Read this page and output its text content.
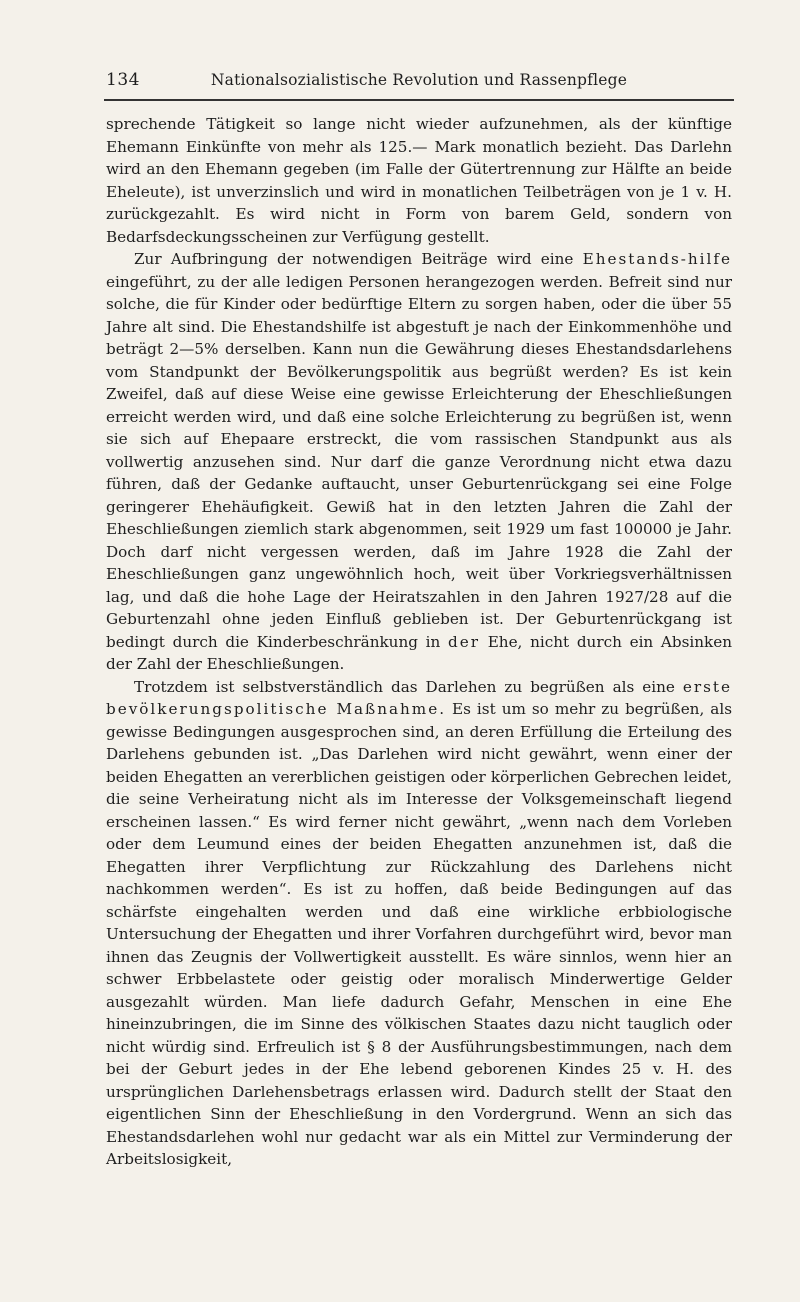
134	Nationalsozialistische Revolution und Rassenpflege

sprechende Tätigkeit so lange nicht wieder aufzunehmen, als der künftige Ehemann Einkünfte von mehr als 125.— Mark monatlich bezieht. Das Darlehn wird an den Ehemann gegeben (im Falle der Gütertrennung zur Hälfte an beide Eheleute), ist unverzinslich und wird in monatlichen Teilbeträgen von je 1 v. H. zurückgezahlt. Es wird nicht in Form von barem Geld, sondern von Bedarfsdeckungsscheinen zur Verfügung gestellt.

Zur Aufbringung der notwendigen Beiträge wird eine Ehestands-hilfe eingeführt, zu der alle ledigen Personen herangezogen werden. Befreit sind nur solche, die für Kinder oder bedürftige Eltern zu sorgen haben, oder die über 55 Jahre alt sind. Die Ehestandshilfe ist abgestuft je nach der Einkommenhöhe und beträgt 2—5% derselben. Kann nun die Gewährung dieses Ehestandsdarlehens vom Standpunkt der Bevölkerungspolitik aus begrüßt werden? Es ist kein Zweifel, daß auf diese Weise eine gewisse Erleichterung der Eheschließungen erreicht werden wird, und daß eine solche Erleichterung zu begrüßen ist, wenn sie sich auf Ehepaare erstreckt, die vom rassischen Standpunkt aus als vollwertig anzusehen sind. Nur darf die ganze Verordnung nicht etwa dazu führen, daß der Gedanke auftaucht, unser Geburtenrückgang sei eine Folge geringerer Ehehäufigkeit. Gewiß hat in den letzten Jahren die Zahl der Eheschließungen ziemlich stark abgenommen, seit 1929 um fast 100000 je Jahr. Doch darf nicht vergessen werden, daß im Jahre 1928 die Zahl der Eheschließungen ganz ungewöhnlich hoch, weit über Vorkriegsverhältnissen lag, und daß die hohe Lage der Heiratszahlen in den Jahren 1927/28 auf die Geburtenzahl ohne jeden Einfluß geblieben ist. Der Geburtenrückgang ist bedingt durch die Kinderbeschränkung in der Ehe, nicht durch ein Absinken der Zahl der Eheschließungen.

Trotzdem ist selbstverständlich das Darlehen zu begrüßen als eine erste bevölkerungspolitische Maßnahme. Es ist um so mehr zu begrüßen, als gewisse Bedingungen ausgesprochen sind, an deren Erfüllung die Erteilung des Darlehens gebunden ist. „Das Darlehen wird nicht gewährt, wenn einer der beiden Ehegatten an vererblichen geistigen oder körperlichen Gebrechen leidet, die seine Verheiratung nicht als im Interesse der Volksgemeinschaft liegend erscheinen lassen.“ Es wird ferner nicht gewährt, „wenn nach dem Vorleben oder dem Leumund eines der beiden Ehegatten anzunehmen ist, daß die Ehegatten ihrer Verpflichtung zur Rückzahlung des Darlehens nicht nachkommen werden“. Es ist zu hoffen, daß beide Bedingungen auf das schärfste eingehalten werden und daß eine wirkliche erbbiologische Untersuchung der Ehegatten und ihrer Vorfahren durchgeführt wird, bevor man ihnen das Zeugnis der Vollwertigkeit ausstellt. Es wäre sinnlos, wenn hier an schwer Erbbelastete oder geistig oder moralisch Minderwertige Gelder ausgezahlt würden. Man liefe dadurch Gefahr, Menschen in eine Ehe hineinzubringen, die im Sinne des völkischen Staates dazu nicht tauglich oder nicht würdig sind. Erfreulich ist § 8 der Ausführungsbestimmungen, nach dem bei der Geburt jedes in der Ehe lebend geborenen Kindes 25 v. H. des ursprünglichen Darlehensbetrags erlassen wird. Dadurch stellt der Staat den eigentlichen Sinn der Eheschließung in den Vordergrund. Wenn an sich das Ehestandsdarlehen wohl nur gedacht war als ein Mittel zur Verminderung der Arbeitslosigkeit,
